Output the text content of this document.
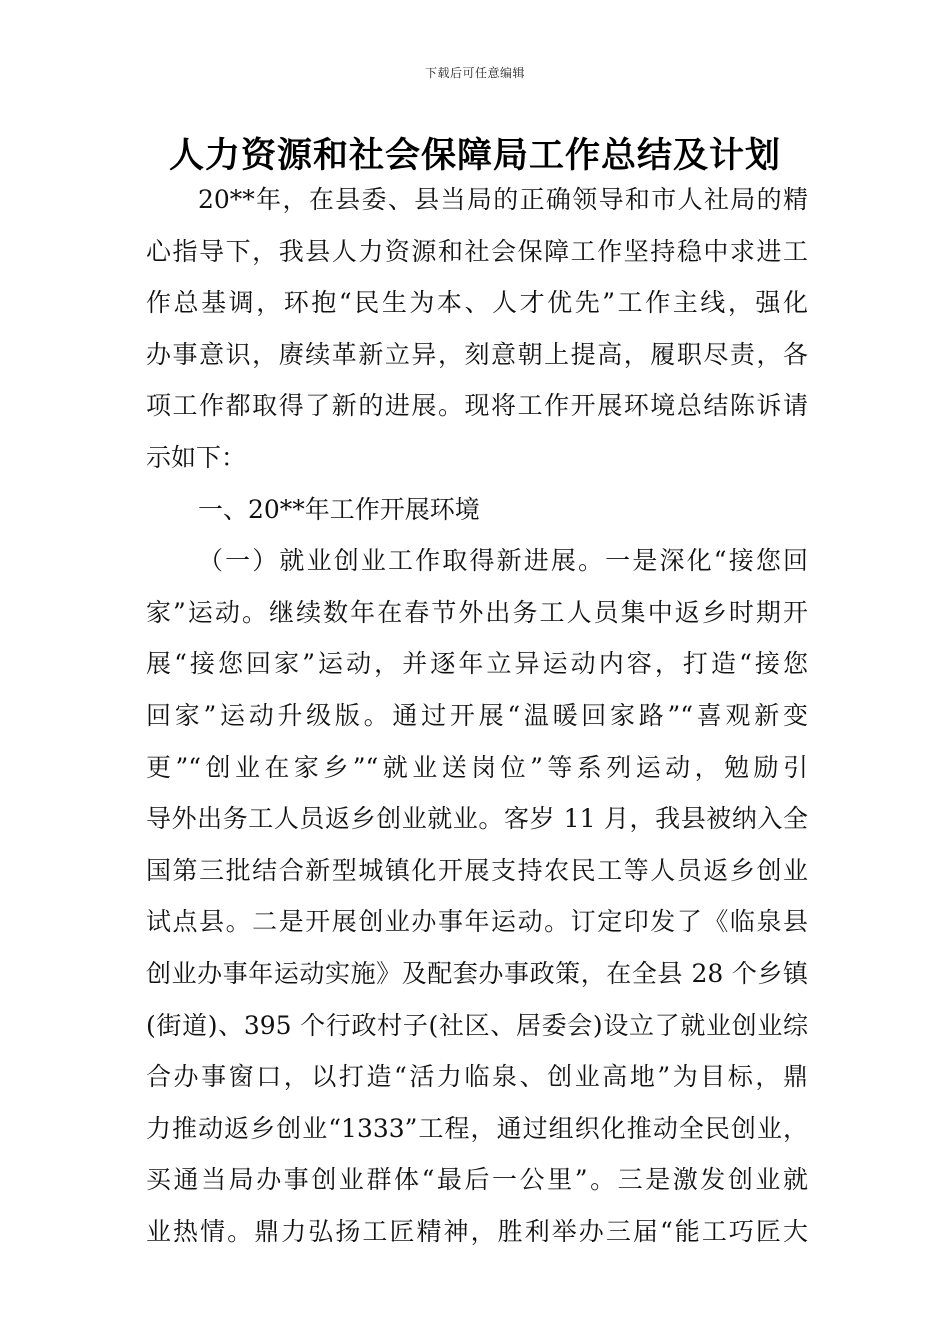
下载后可任意编辑
人力资源和社会保障局工作总结及计划
20**年，在县委、县当局的正确领导和市人社局的精
心指导下，我县人力资源和社会保障工作坚持稳中求进工
作总基调，环抱“民生为本、人才优先”工作主线，强化
办事意识，赓续革新立异，刻意朝上提高，履职尽责，各
项工作都取得了新的进展。现将工作开展环境总结陈诉请
示如下：
一、20**年工作开展环境
（一）就业创业工作取得新进展。一是深化“接您回
家”运动。继续数年在春节外出务工人员集中返乡时期开
展“接您回家”运动，并逐年立异运动内容，打造“接您
回家”运动升级版。通过开展“温暖回家路”“喜观新变
更”“创业在家乡”“就业送岗位”等系列运动，勉励引
导外出务工人员返乡创业就业。客岁 11 月，我县被纳入全
国第三批结合新型城镇化开展支持农民工等人员返乡创业
试点县。二是开展创业办事年运动。订定印发了《临泉县
创业办事年运动实施》及配套办事政策，在全县 28 个乡镇
(街道)、395 个行政村子(社区、居委会)设立了就业创业综
合办事窗口，以打造“活力临泉、创业高地”为目标，鼎
力推动返乡创业“1333”工程，通过组织化推动全民创业，
买通当局办事创业群体“最后一公里”。三是激发创业就
业热情。鼎力弘扬工匠精神，胜利举办三届“能工巧匠大
